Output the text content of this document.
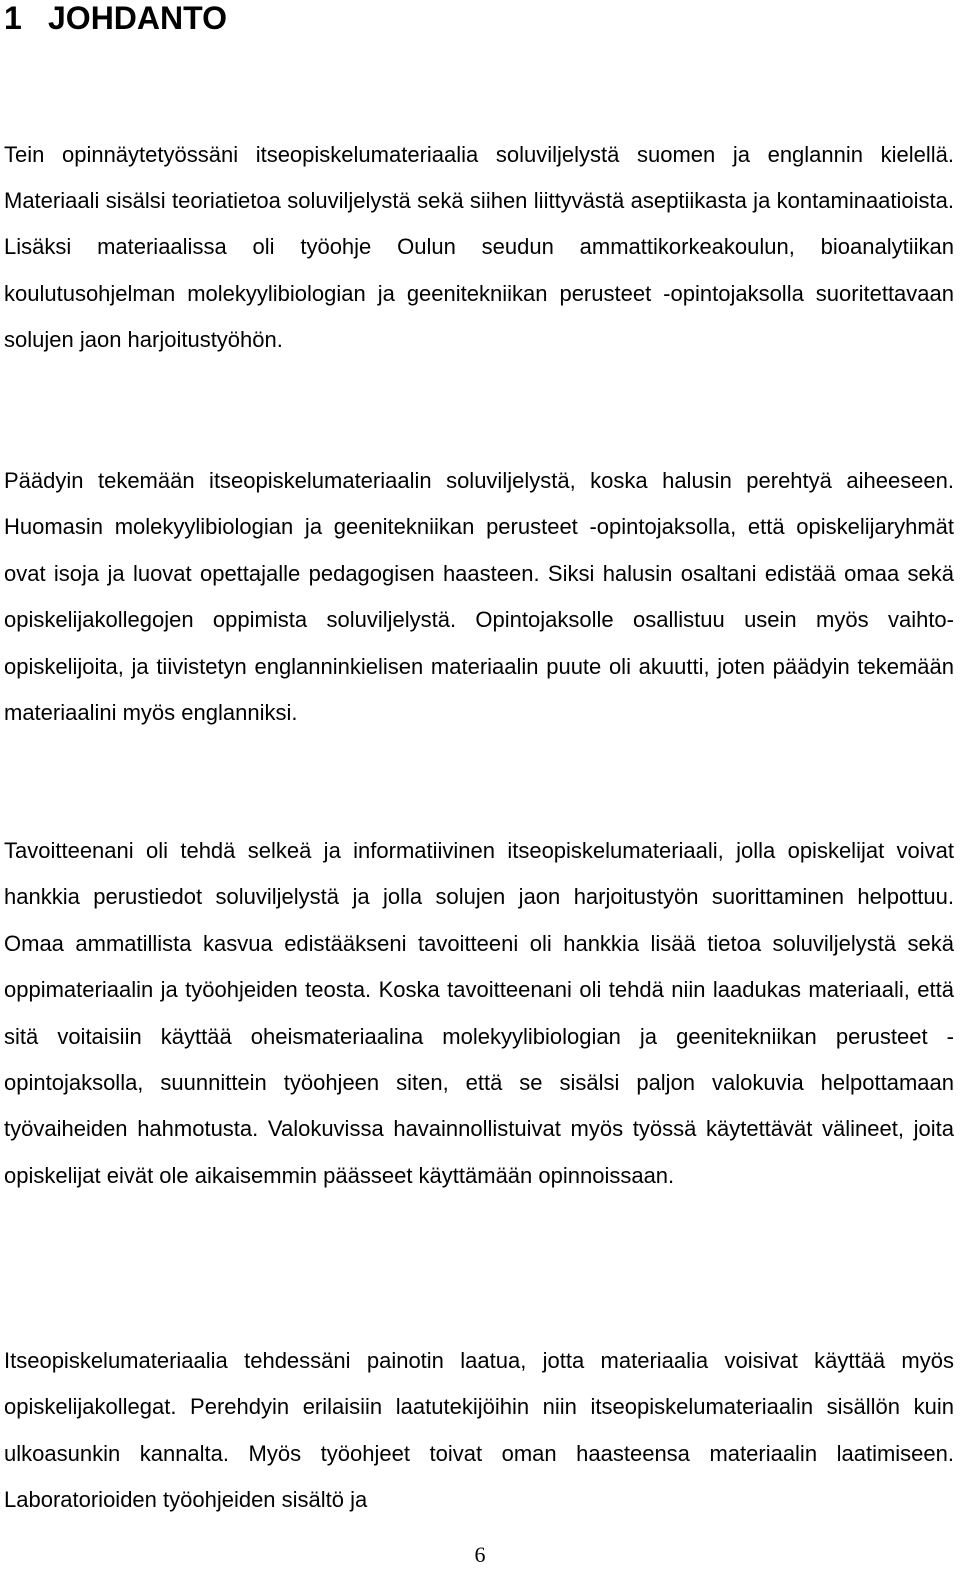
1 JOHDANTO

Tein opinnäytetyössäni itseopiskelumateriaalia soluviljelystä suomen ja englannin kielellä. Materiaali sisälsi teoriatietoa soluviljelystä sekä siihen liittyvästä aseptiikasta ja kontaminaatioista. Lisäksi materiaalissa oli työohje Oulun seudun ammattikorkeakoulun, bioanalytiikan koulutusohjelman molekyylibiologian ja geenitekniikan perusteet -opintojaksolla suoritettavaan solujen jaon harjoitustyöhön.

Päädyin tekemään itseopiskelumateriaalin soluviljelystä, koska halusin perehtyä aiheeseen. Huomasin molekyylibiologian ja geenitekniikan perusteet -opintojaksolla, että opiskelijaryhmät ovat isoja ja luovat opettajalle pedagogisen haasteen. Siksi halusin osaltani edistää omaa sekä opiskelijakollegojen oppimista soluviljelystä. Opintojaksolle osallistuu usein myös vaihtoopiskelijoita, ja tiivistetyn englanninkielisen materiaalin puute oli akuutti, joten päädyin tekemään materiaalini myös englanniksi.

Tavoitteenani oli tehdä selkeä ja informatiivinen itseopiskelumateriaali, jolla opiskelijat voivat hankkia perustiedot soluviljelystä ja jolla solujen jaon harjoitustyön suorittaminen helpottuu. Omaa ammatillista kasvua edistääkseni tavoitteeni oli hankkia lisää tietoa soluviljelystä sekä oppimateriaalin ja työohjeiden teosta. Koska tavoitteenani oli tehdä niin laadukas materiaali, että sitä voitaisiin käyttää oheismateriaalina molekyylibiologian ja geenitekniikan perusteet -opintojaksolla, suunnittein työohjeen siten, että se sisälsi paljon valokuvia helpottamaan työvaiheiden hahmotusta. Valokuvissa havainnollistuivat myös työssä käytettävät välineet, joita opiskelijat eivät ole aikaisemmin päässeet käyttämään opinnoissaan.

Itseopiskelumateriaalia tehdessäni painotin laatua, jotta materiaalia voisivat käyttää myös opiskelijakollegat. Perehdyin erilaisiin laatutekijöihin niin itseopiskelumateriaalin sisällön kuin ulkoasunkin kannalta. Myös työohjeet toivat oman haasteensa materiaalin laatimiseen. Laboratorioiden työohjeiden sisältö ja

6
